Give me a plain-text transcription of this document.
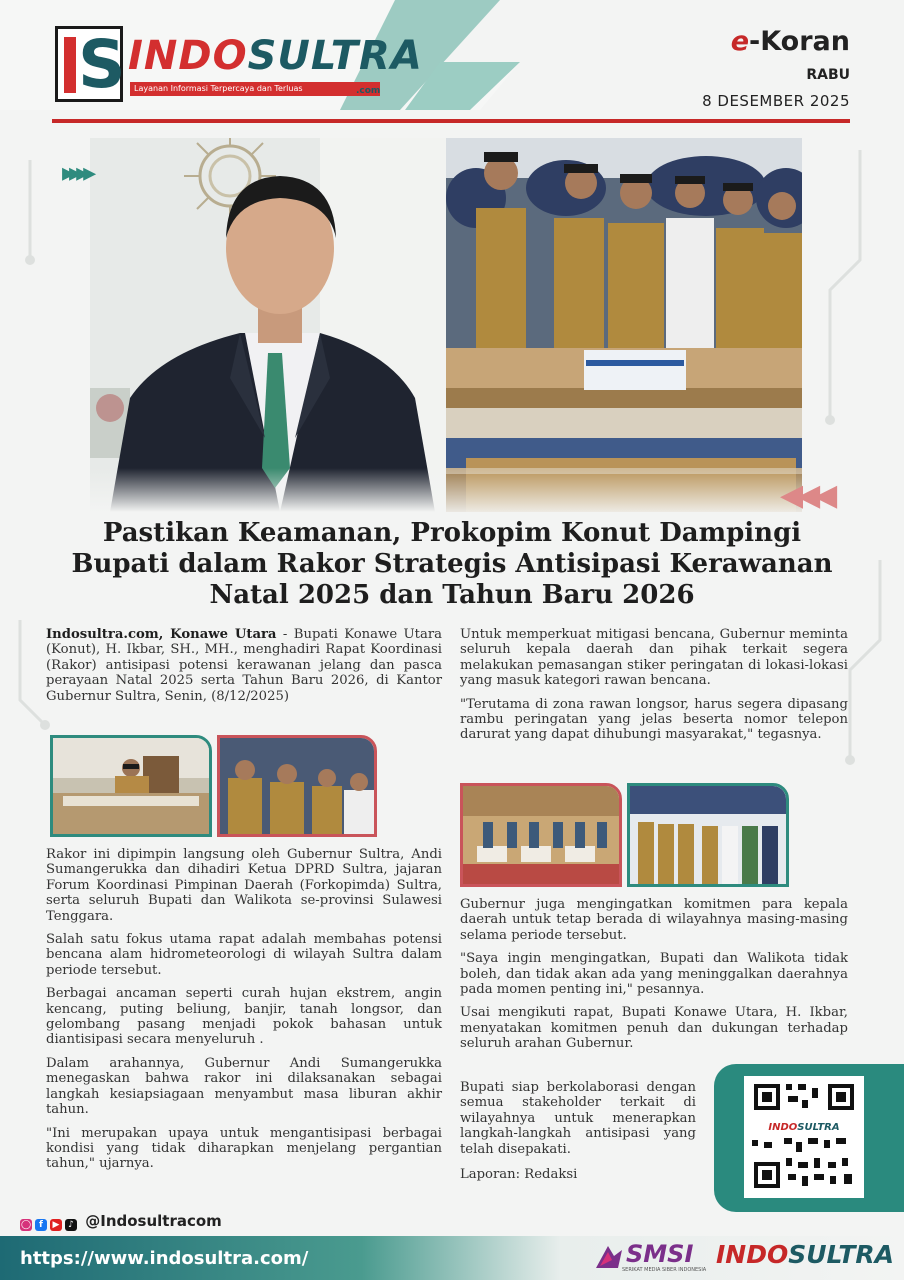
S INDOSULTRA
Layanan Informasi Terpercaya dan Terluas	.com
e-Koran
RABU
8 DESEMBER 2025
▸▸▸▸
◀◀◀
Pastikan Keamanan, Prokopim Konut Dampingi Bupati dalam Rakor Strategis Antisipasi Kerawanan Natal 2025 dan Tahun Baru 2026

Indosultra.com, Konawe Utara - Bupati Konawe Utara (Konut), H. Ikbar, SH., MH., menghadiri Rapat Koordinasi (Rakor) antisipasi potensi kerawanan jelang dan pasca perayaan Natal 2025 serta Tahun Baru 2026, di Kantor Gubernur Sultra, Senin, (8/12/2025)

Rakor ini dipimpin langsung oleh Gubernur Sultra, Andi Sumangerukka dan dihadiri Ketua DPRD Sultra, jajaran Forum Koordinasi Pimpinan Daerah (Forkopimda) Sultra, serta seluruh Bupati dan Walikota se-provinsi Sulawesi Tenggara.

Salah satu fokus utama rapat adalah membahas potensi bencana alam hidrometeorologi di wilayah Sultra dalam periode tersebut.

Berbagai ancaman seperti curah hujan ekstrem, angin kencang, puting beliung, banjir, tanah longsor, dan gelombang pasang menjadi pokok bahasan untuk diantisipasi secara menyeluruh .

Dalam arahannya, Gubernur Andi Sumangerukka menegaskan bahwa rakor ini dilaksanakan sebagai langkah kesiapsiagaan menyambut masa liburan akhir tahun.

"Ini merupakan upaya untuk mengantisipasi berbagai kondisi yang tidak diharapkan menjelang pergantian tahun," ujarnya.

Untuk memperkuat mitigasi bencana, Gubernur meminta seluruh kepala daerah dan pihak terkait segera melakukan pemasangan stiker peringatan di lokasi-lokasi yang masuk kategori rawan bencana.

"Terutama di zona rawan longsor, harus segera dipasang rambu peringatan yang jelas beserta nomor telepon darurat yang dapat dihubungi masyarakat," tegasnya.

Gubernur juga mengingatkan komitmen para kepala daerah untuk tetap berada di wilayahnya masing-masing selama periode tersebut.

"Saya ingin mengingatkan, Bupati dan Walikota tidak boleh, dan tidak akan ada yang meninggalkan daerahnya pada momen penting ini," pesannya.

Usai mengikuti rapat, Bupati Konawe Utara, H. Ikbar, menyatakan komitmen penuh dan dukungan terhadap seluruh arahan Gubernur.

Bupati siap berkolaborasi dengan semua stakeholder terkait di wilayahnya untuk menerapkan langkah-langkah antisipasi yang telah disepakati.

Laporan: Redaksi

INDOSULTRA
◯ f ▶ ♪ @Indosultracom
https://www.indosultra.com/	SMSI
SERIKAT MEDIA SIBER INDONESIA
INDOSULTRA
